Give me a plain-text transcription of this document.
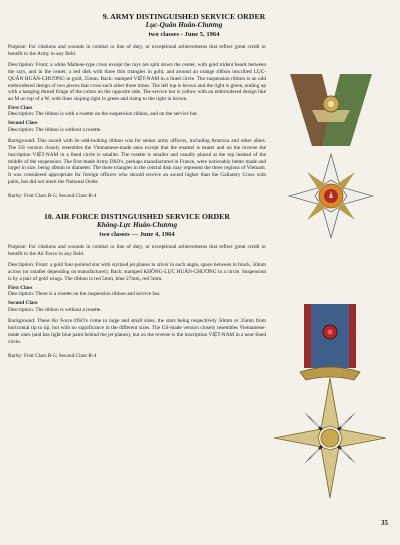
9. ARMY DISTINGUISHED SERVICE ORDER
Lục-Quân Huân-Chương
two classes - June 5, 1964

Purpose: For citations and wounds in combat or line of duty, or exceptional achievements that reflect great credit or benefit to the Army in any field.

Description: Front: a white Maltese-type cross except the rays are split down the center, with gold trident heads between the rays, and in the center, a red disk with three thin triangles in gold, and around an orange ribbon inscribed LỤC-QUÂN HUÂN-CHƯƠNG in gold, 35mm. Back: stamped VIỆT-NAM in a lined circle. The suspension ribbon is an odd embroidered design of two pieces that cross each other three times. The left top is brown and the right is green, ending up with a hanging thread fringe of the colors on the opposite side. The service bar is yellow with an embroidered design like an M on top of a W, with lines sloping right in green and rising to the right in brown.

First Class
Description: The ribbon is with a rosette on the suspension ribbon, and on the service bar.
Second Class
Description: The ribbon is without a rosette.

Background: This award with its odd-looking ribbon was for senior army officers, including America and other allies. The US version closely resembles the Vietnamese-made ones except that the enamel is neater and on the reverse the inscription VIỆT-NAM in a lined circle is smaller. The rosette is smaller and usually placed at the top instead of the middle of the suspension. The first-made Army DSO's, perhaps manufactured in France, were noticeably better made and larger in size, being 40mm in diameter. The three triangles in the central disk may represent the three regions of Vietnam. It was considered appropriate for foreign officers who should receive an award higher than the Gallantry Cross with palm, but did not merit the National Order.

Rarity: First Class R-5; Second Class R-4
10. AIR FORCE DISTINGUISHED SERVICE ORDER
Không-Lực Huân-Chương
two classes — June 4, 1964

Purpose: For citations and wounds in combat or line of duty, or exceptional achievements that reflect great credit or benefit to the Air Force in any field.

Description: Front: a gold four-pointed star with stylized jet planes in silver in each angle, space between in black, 50mm across (or smaller depending on manufacturer); Back: stamped KHÔNG-LỰC HUÂN-CHƯƠNG in a circle. Suspension is by a pair of gold wings. The ribbon is red 5mm, blue 27mm, red 5mm.

First Class
Description: There is a rosette on the suspension ribbon and service bar.
Second Class
Description: The ribbon is without a rosette.

Background: These Air Force DSO's come in large and small sizes, the stars being respectively 50mm or 35mm from horizontal tip to tip, but with no significance in the different sizes. The US-made version closely resembles Vietnamese-made ones (and has light blue paint behind the jet planes), but on the reverse is the inscription VIỆT-NAM in a near-lined circle.

Rarity: First Class R-5; Second Class R-4
35
